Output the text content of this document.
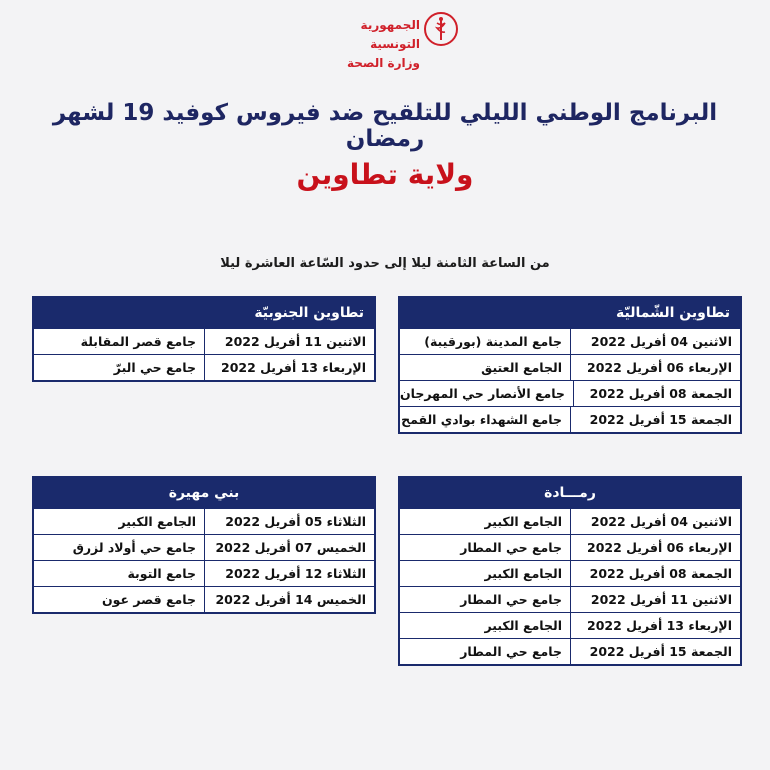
الجمهورية التونسية
وزارة الصحة
البرنامج الوطني الليلي للتلقيح ضد فيروس كوفيد 19 لشهر رمضان
ولاية تطاوين
من الساعة الثامنة ليلا إلى حدود السّاعة العاشرة ليلا
تطاوين الشّماليّة
الاثنين 04 أفريل 2022
جامع المدينة (بورقيبة)
الإربعاء 06 أفريل 2022
الجامع العتيق
الجمعة 08 أفريل 2022
جامع الأنصار حي المهرجان
الجمعة 15 أفريل 2022
جامع الشهداء بوادي القمح
تطاوين الجنوبيّة
الاثنين 11 أفريل 2022
جامع قصر المقابلة
الإربعاء 13 أفريل 2022
جامع حي البرّ
رمـــادة
الاثنين 04 أفريل 2022
الجامع الكبير
الإربعاء 06 أفريل 2022
جامع حي المطار
الجمعة 08 أفريل 2022
الجامع الكبير
الاثنين 11 أفريل 2022
جامع حي المطار
الإربعاء 13 أفريل 2022
الجامع الكبير
الجمعة 15 أفريل 2022
جامع حي المطار
بني مهيرة
الثلاثاء 05 أفريل 2022
الجامع الكبير
الخميس 07 أفريل 2022
جامع حي أولاد لزرق
الثلاثاء 12 أفريل 2022
جامع التوبة
الخميس 14 أفريل 2022
جامع قصر عون
